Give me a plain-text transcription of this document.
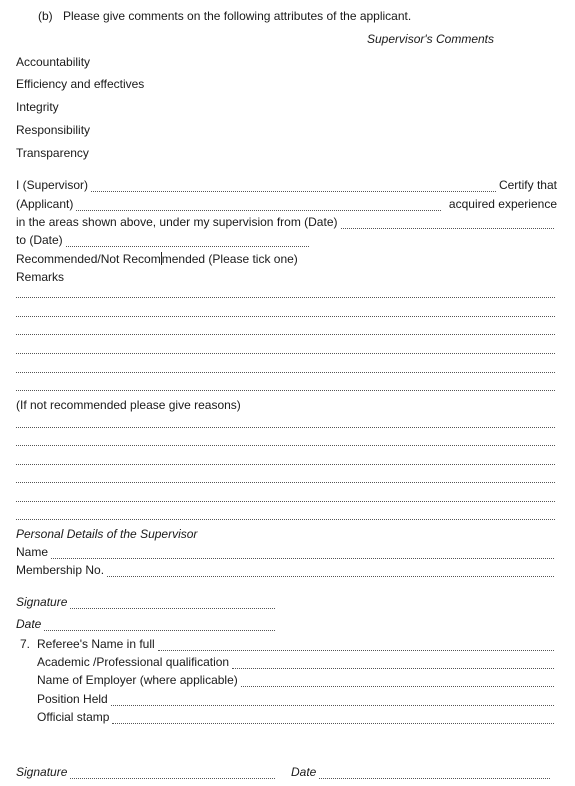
(b) Please give comments on the following attributes of the applicant.
Supervisor's Comments
Accountability
Efficiency and effectives
Integrity
Responsibility
Transparency
I (Supervisor)	Certify that
(Applicant)	acquired experience
in the areas shown above, under my supervision from (Date)
to (Date)
Recommended/Not Recommended (Please tick one)
Remarks
(If not recommended please give reasons)
Personal Details of the Supervisor
Name
Membership No.
Signature
Date
7. Referee's Name in full
Academic /Professional qualification
Name of Employer (where applicable)
Position Held
Official stamp
Signature	Date
